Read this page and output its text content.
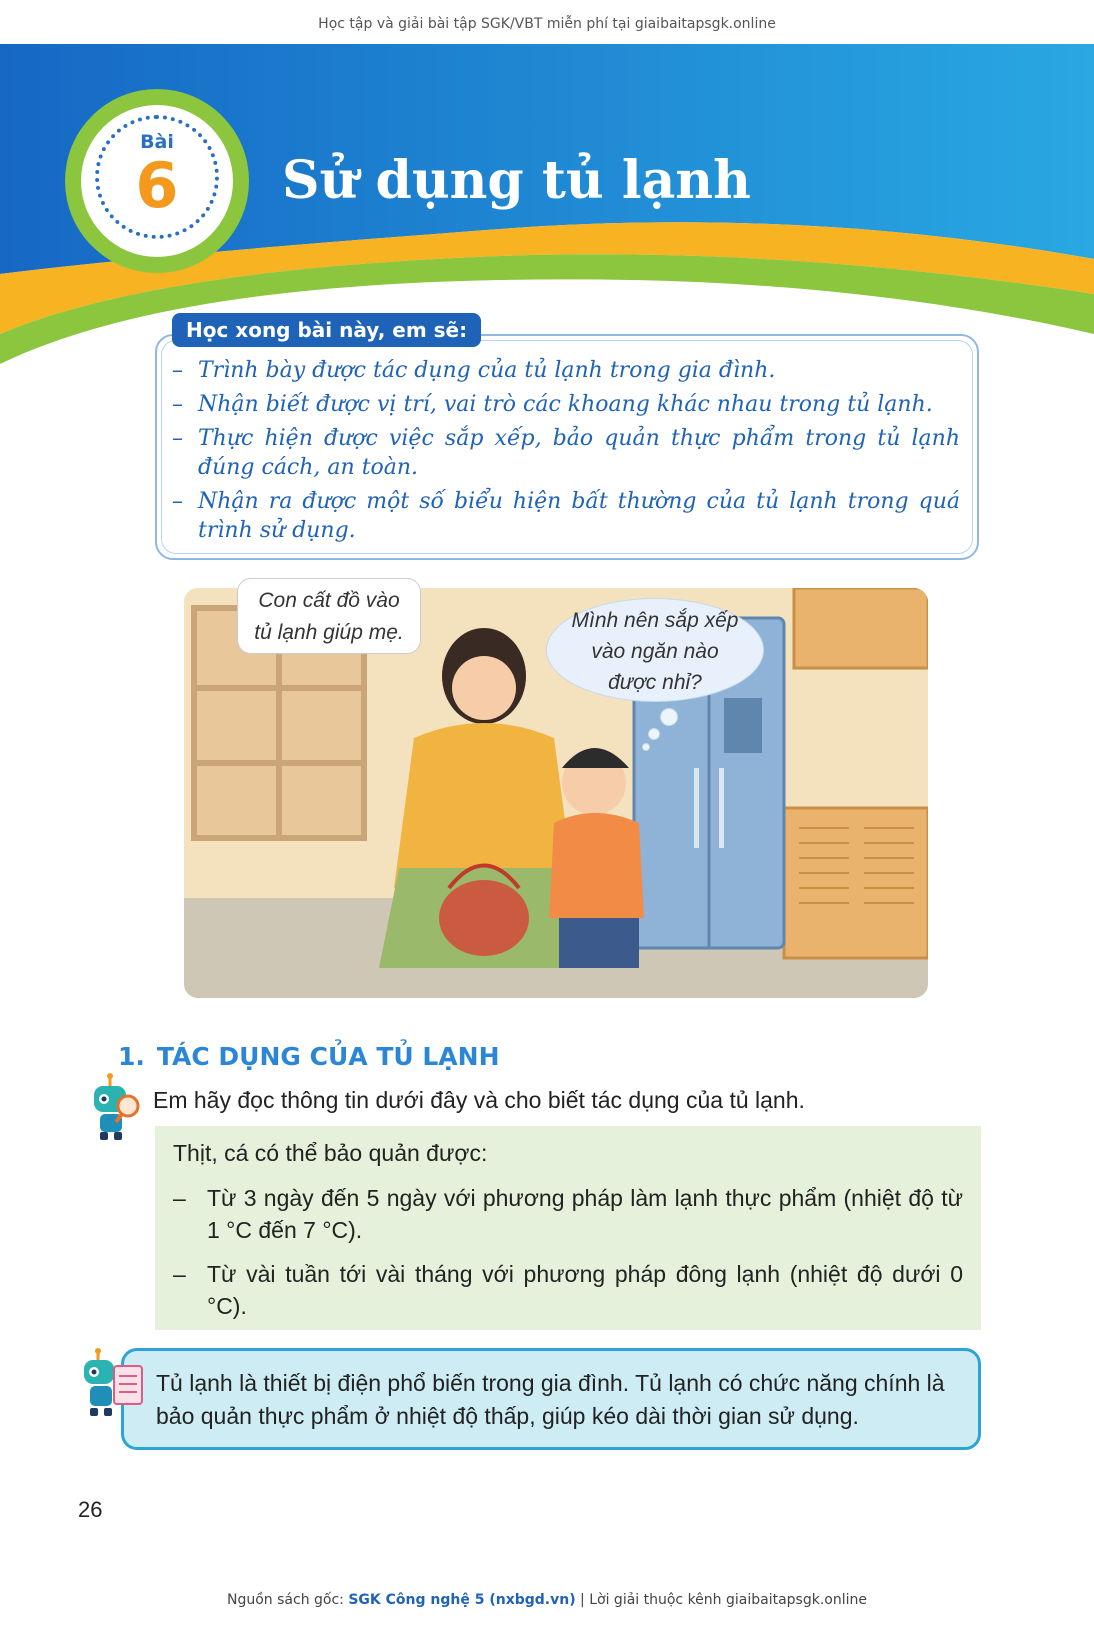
Học tập và giải bài tập SGK/VBT miễn phí tại giaibaitapsgk.online
Bài
6	Sử dụng tủ lạnh
Học xong bài này, em sẽ:
– Trình bày được tác dụng của tủ lạnh trong gia đình.
– Nhận biết được vị trí, vai trò các khoang khác nhau trong tủ lạnh.
– Thực hiện được việc sắp xếp, bảo quản thực phẩm trong tủ lạnh đúng cách, an toàn.
– Nhận ra được một số biểu hiện bất thường của tủ lạnh trong quá trình sử dụng.
Con cất đồ vào
tủ lạnh giúp mẹ.
Mình nên sắp xếp
vào ngăn nào
được nhỉ?
1. TÁC DỤNG CỦA TỦ LẠNH
Em hãy đọc thông tin dưới đây và cho biết tác dụng của tủ lạnh.
Thịt, cá có thể bảo quản được:
– Từ 3 ngày đến 5 ngày với phương pháp làm lạnh thực phẩm (nhiệt độ từ 1 °C đến 7 °C).
– Từ vài tuần tới vài tháng với phương pháp đông lạnh (nhiệt độ dưới 0 °C).
Tủ lạnh là thiết bị điện phổ biến trong gia đình. Tủ lạnh có chức năng chính là bảo quản thực phẩm ở nhiệt độ thấp, giúp kéo dài thời gian sử dụng.
26
Nguồn sách gốc: SGK Công nghệ 5 (nxbgd.vn) | Lời giải thuộc kênh giaibaitapsgk.online
